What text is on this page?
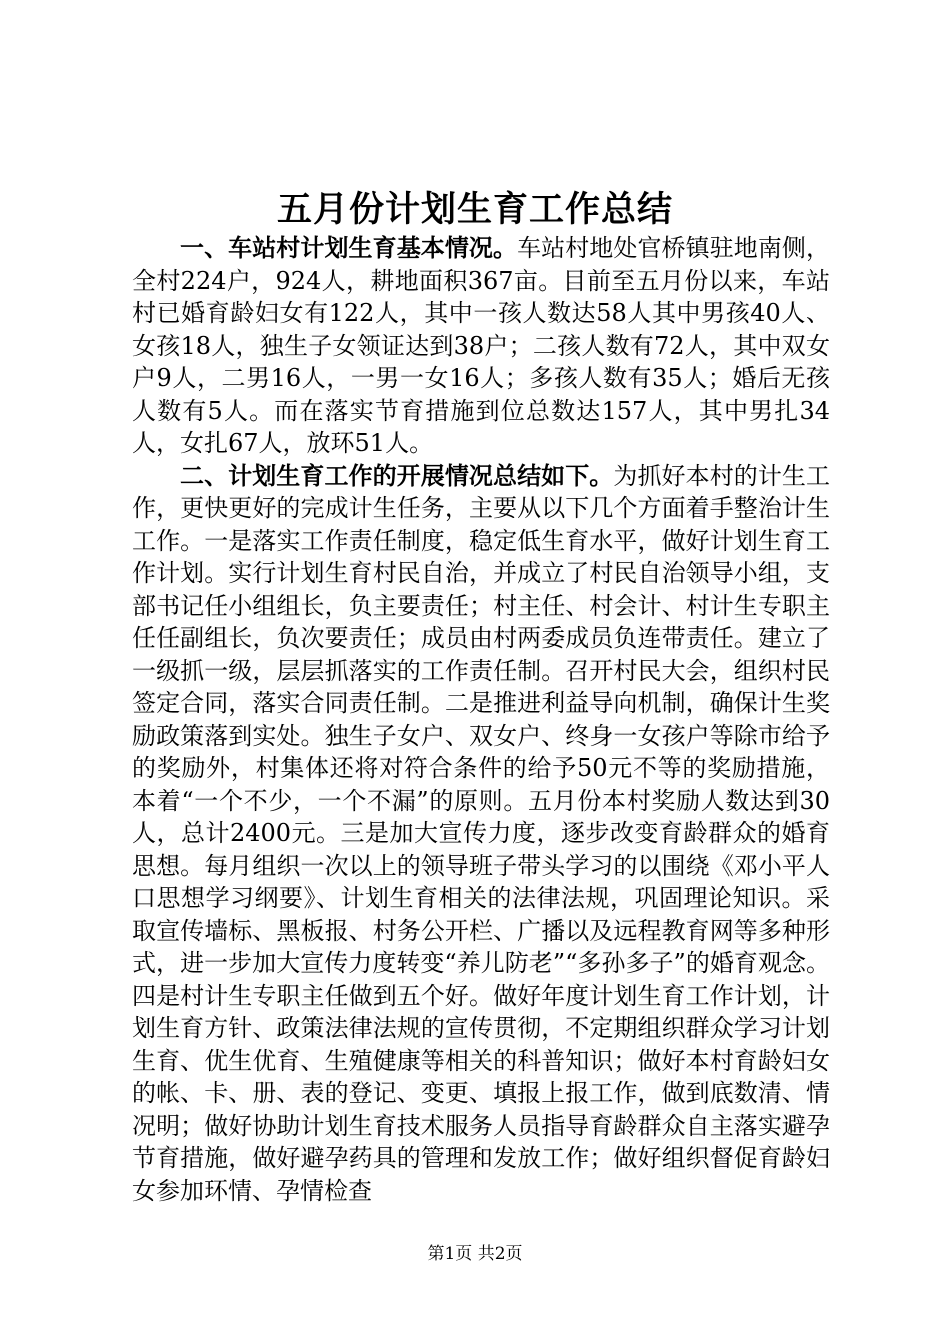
五月份计划生育工作总结

一、车站村计划生育基本情况。车站村地处官桥镇驻地南侧，全村224户，924人，耕地面积367亩。目前至五月份以来，车站村已婚育龄妇女有122人，其中一孩人数达58人其中男孩40人、女孩18人，独生子女领证达到38户；二孩人数有72人，其中双女户9人，二男16人，一男一女16人；多孩人数有35人；婚后无孩人数有5人。而在落实节育措施到位总数达157人，其中男扎34人，女扎67人，放环51人。

二、计划生育工作的开展情况总结如下。为抓好本村的计生工作，更快更好的完成计生任务，主要从以下几个方面着手整治计生工作。一是落实工作责任制度，稳定低生育水平，做好计划生育工作计划。实行计划生育村民自治，并成立了村民自治领导小组，支部书记任小组组长，负主要责任；村主任、村会计、村计生专职主任任副组长，负次要责任；成员由村两委成员负连带责任。建立了一级抓一级，层层抓落实的工作责任制。召开村民大会，组织村民签定合同，落实合同责任制。二是推进利益导向机制，确保计生奖励政策落到实处。独生子女户、双女户、终身一女孩户等除市给予的奖励外，村集体还将对符合条件的给予50元不等的奖励措施，本着“一个不少，一个不漏”的原则。五月份本村奖励人数达到30人，总计2400元。三是加大宣传力度，逐步改变育龄群众的婚育思想。每月组织一次以上的领导班子带头学习的以围绕《邓小平人口思想学习纲要》、计划生育相关的法律法规，巩固理论知识。采取宣传墙标、黑板报、村务公开栏、广播以及远程教育网等多种形式，进一步加大宣传力度转变“养儿防老”“多孙多子”的婚育观念。四是村计生专职主任做到五个好。做好年度计划生育工作计划，计划生育方针、政策法律法规的宣传贯彻，不定期组织群众学习计划生育、优生优育、生殖健康等相关的科普知识；做好本村育龄妇女的帐、卡、册、表的登记、变更、填报上报工作，做到底数清、情况明；做好协助计划生育技术服务人员指导育龄群众自主落实避孕节育措施，做好避孕药具的管理和发放工作；做好组织督促育龄妇女参加环情、孕情检查

第1页 共2页
